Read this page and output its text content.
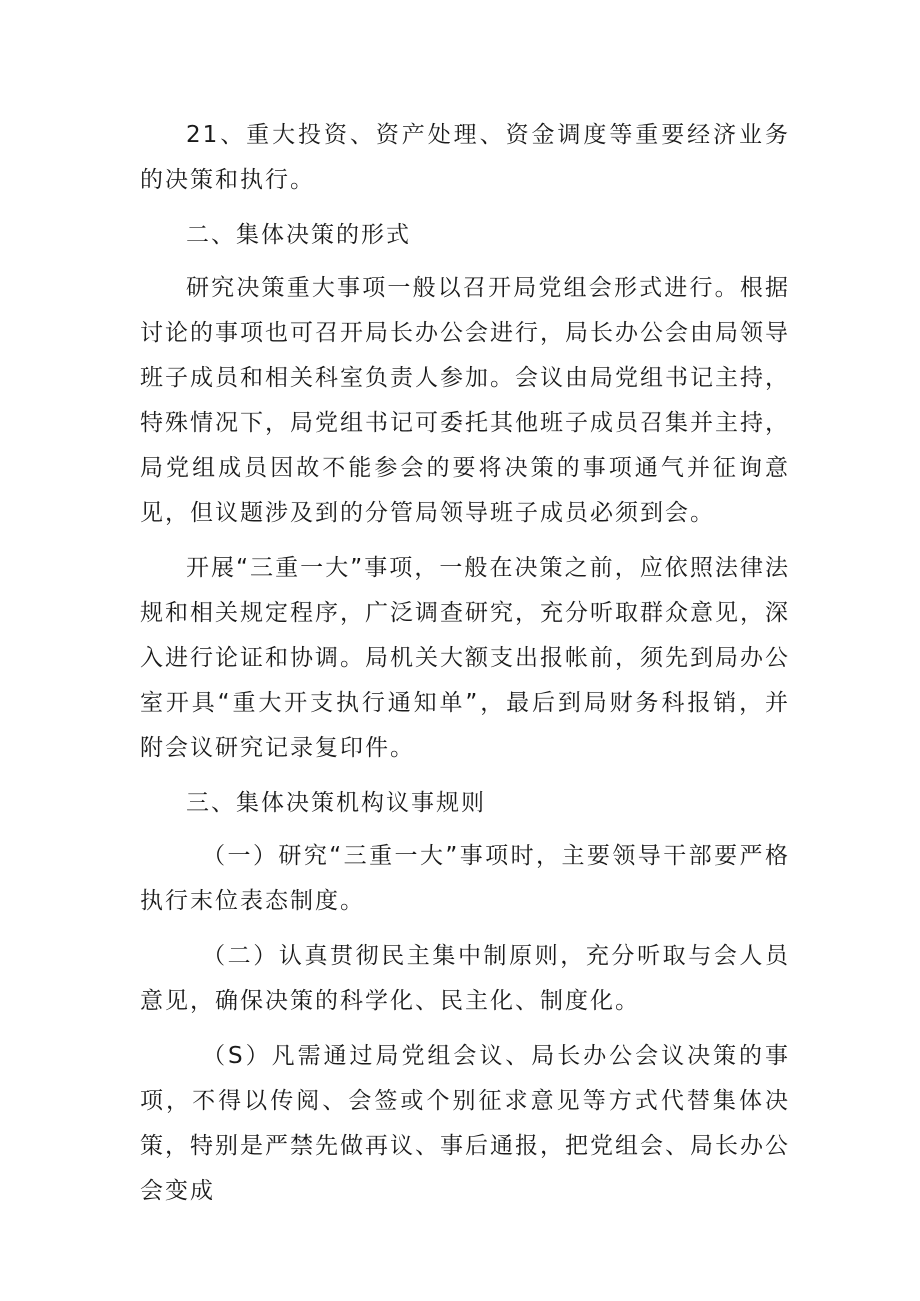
21、重大投资、资产处理、资金调度等重要经济业务的决策和执行。

二、集体决策的形式

研究决策重大事项一般以召开局党组会形式进行。根据讨论的事项也可召开局长办公会进行，局长办公会由局领导班子成员和相关科室负责人参加。会议由局党组书记主持，特殊情况下，局党组书记可委托其他班子成员召集并主持，局党组成员因故不能参会的要将决策的事项通气并征询意见，但议题涉及到的分管局领导班子成员必须到会。

开展“三重一大”事项，一般在决策之前，应依照法律法规和相关规定程序，广泛调查研究，充分听取群众意见，深入进行论证和协调。局机关大额支出报帐前，须先到局办公室开具“重大开支执行通知单”，最后到局财务科报销，并附会议研究记录复印件。

三、集体决策机构议事规则

（一）研究“三重一大”事项时，主要领导干部要严格执行末位表态制度。

（二）认真贯彻民主集中制原则，充分听取与会人员意见，确保决策的科学化、民主化、制度化。

（S）凡需通过局党组会议、局长办公会议决策的事项，不得以传阅、会签或个别征求意见等方式代替集体决策，特别是严禁先做再议、事后通报，把党组会、局长办公会变成
